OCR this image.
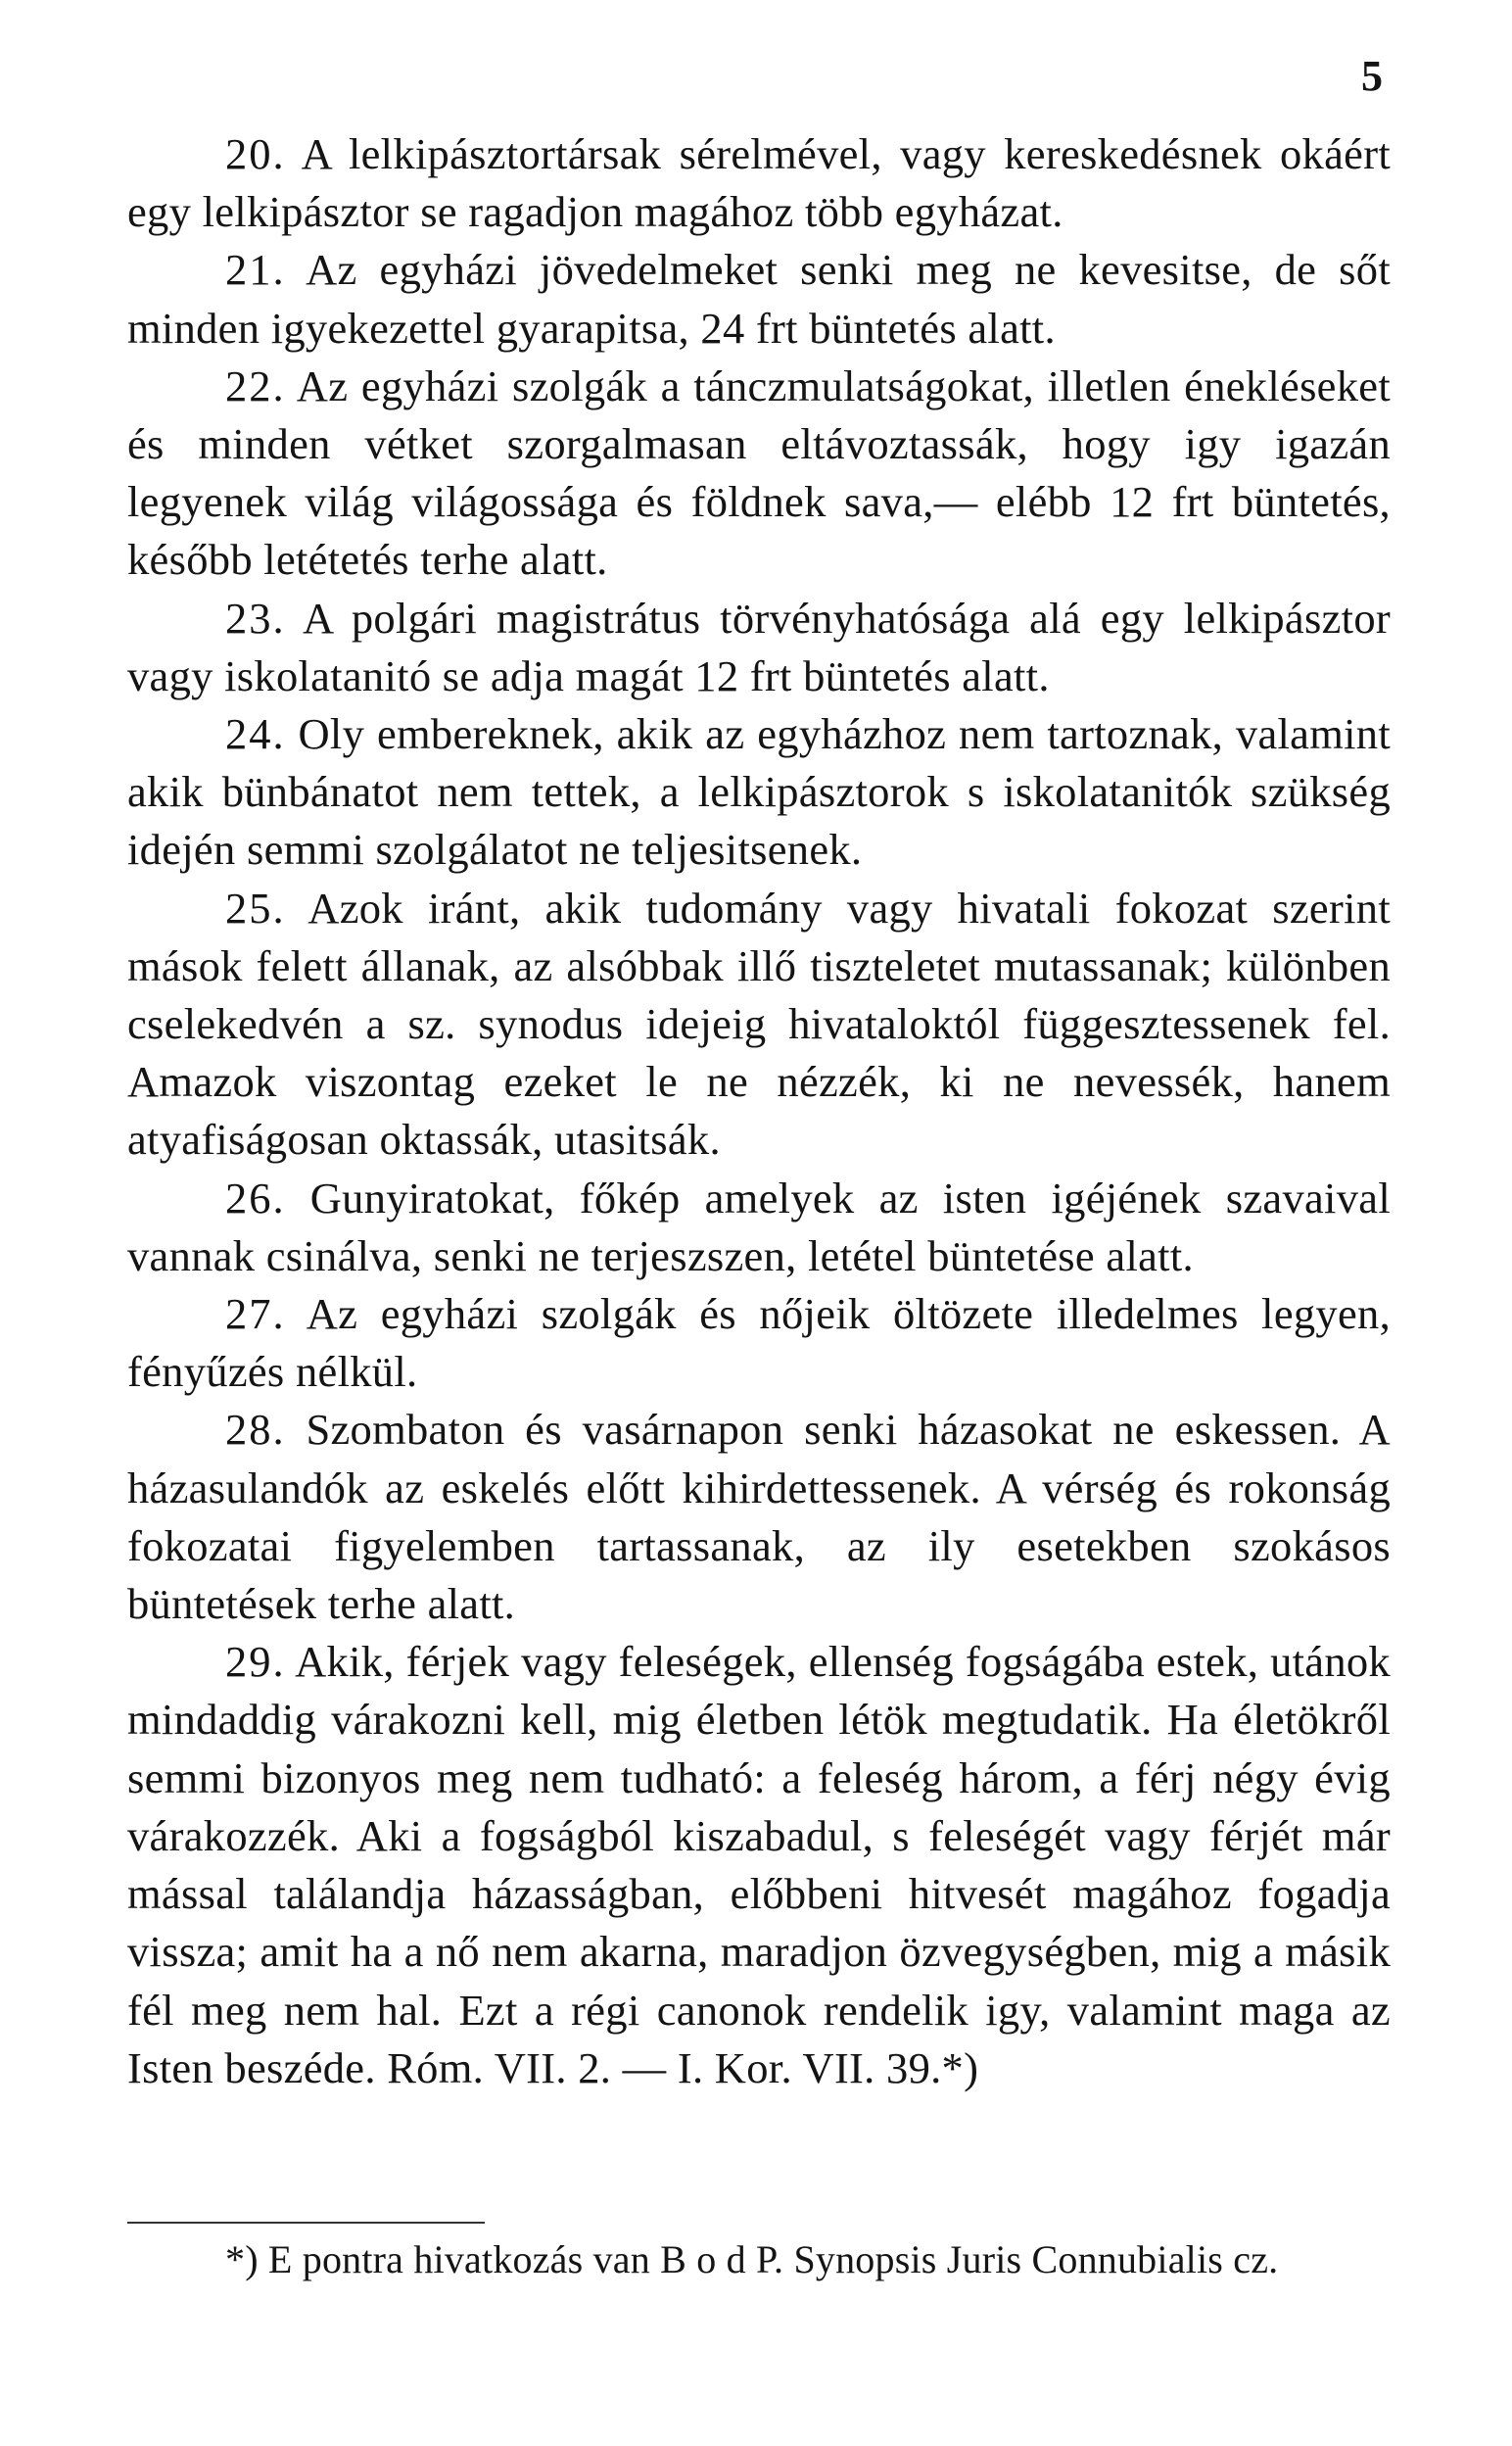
5

20. A lelkipásztortársak sérelmével, vagy kereskedésnek okáért egy lelkipásztor se ragadjon magához több egyházat.

21. Az egyházi jövedelmeket senki meg ne kevesitse, de sőt minden igyekezettel gyarapitsa, 24 frt büntetés alatt.

22. Az egyházi szolgák a tánczmulatságokat, illetlen énekléseket és minden vétket szorgalmasan eltávoztassák, hogy igy igazán legyenek világ világossága és földnek sava,— elébb 12 frt büntetés, később letétetés terhe alatt.

23. A polgári magistrátus törvényhatósága alá egy lelkipásztor vagy iskolatanitó se adja magát 12 frt büntetés alatt.

24. Oly embereknek, akik az egyházhoz nem tartoznak, valamint akik bünbánatot nem tettek, a lelkipásztorok s iskolatanitók szükség idején semmi szolgálatot ne teljesitsenek.

25. Azok iránt, akik tudomány vagy hivatali fokozat szerint mások felett állanak, az alsóbbak illő tiszteletet mutassanak; különben cselekedvén a sz. synodus idejeig hivataloktól függesztessenek fel. Amazok viszontag ezeket le ne nézzék, ki ne nevessék, hanem atyafiságosan oktassák, utasitsák.

26. Gunyiratokat, főkép amelyek az isten igéjének szavaival vannak csinálva, senki ne terjeszszen, letétel büntetése alatt.

27. Az egyházi szolgák és nőjeik öltözete illedelmes legyen, fényűzés nélkül.

28. Szombaton és vasárnapon senki házasokat ne eskessen. A házasulandók az eskelés előtt kihirdettessenek. A vérség és rokonság fokozatai figyelemben tartassanak, az ily esetekben szokásos büntetések terhe alatt.

29. Akik, férjek vagy feleségek, ellenség fogságába estek, utánok mindaddig várakozni kell, mig életben létök megtudatik. Ha életökről semmi bizonyos meg nem tudható: a feleség három, a férj négy évig várakozzék. Aki a fogságból kiszabadul, s feleségét vagy férjét már mással találandja házasságban, előbbeni hitvesét magához fogadja vissza; amit ha a nő nem akarna, maradjon özvegységben, mig a másik fél meg nem hal. Ezt a régi canonok rendelik igy, valamint maga az Isten beszéde. Róm. VII. 2. — I. Kor. VII. 39.*)

*) E pontra hivatkozás van B o d P. Synopsis Juris Connubialis cz.
